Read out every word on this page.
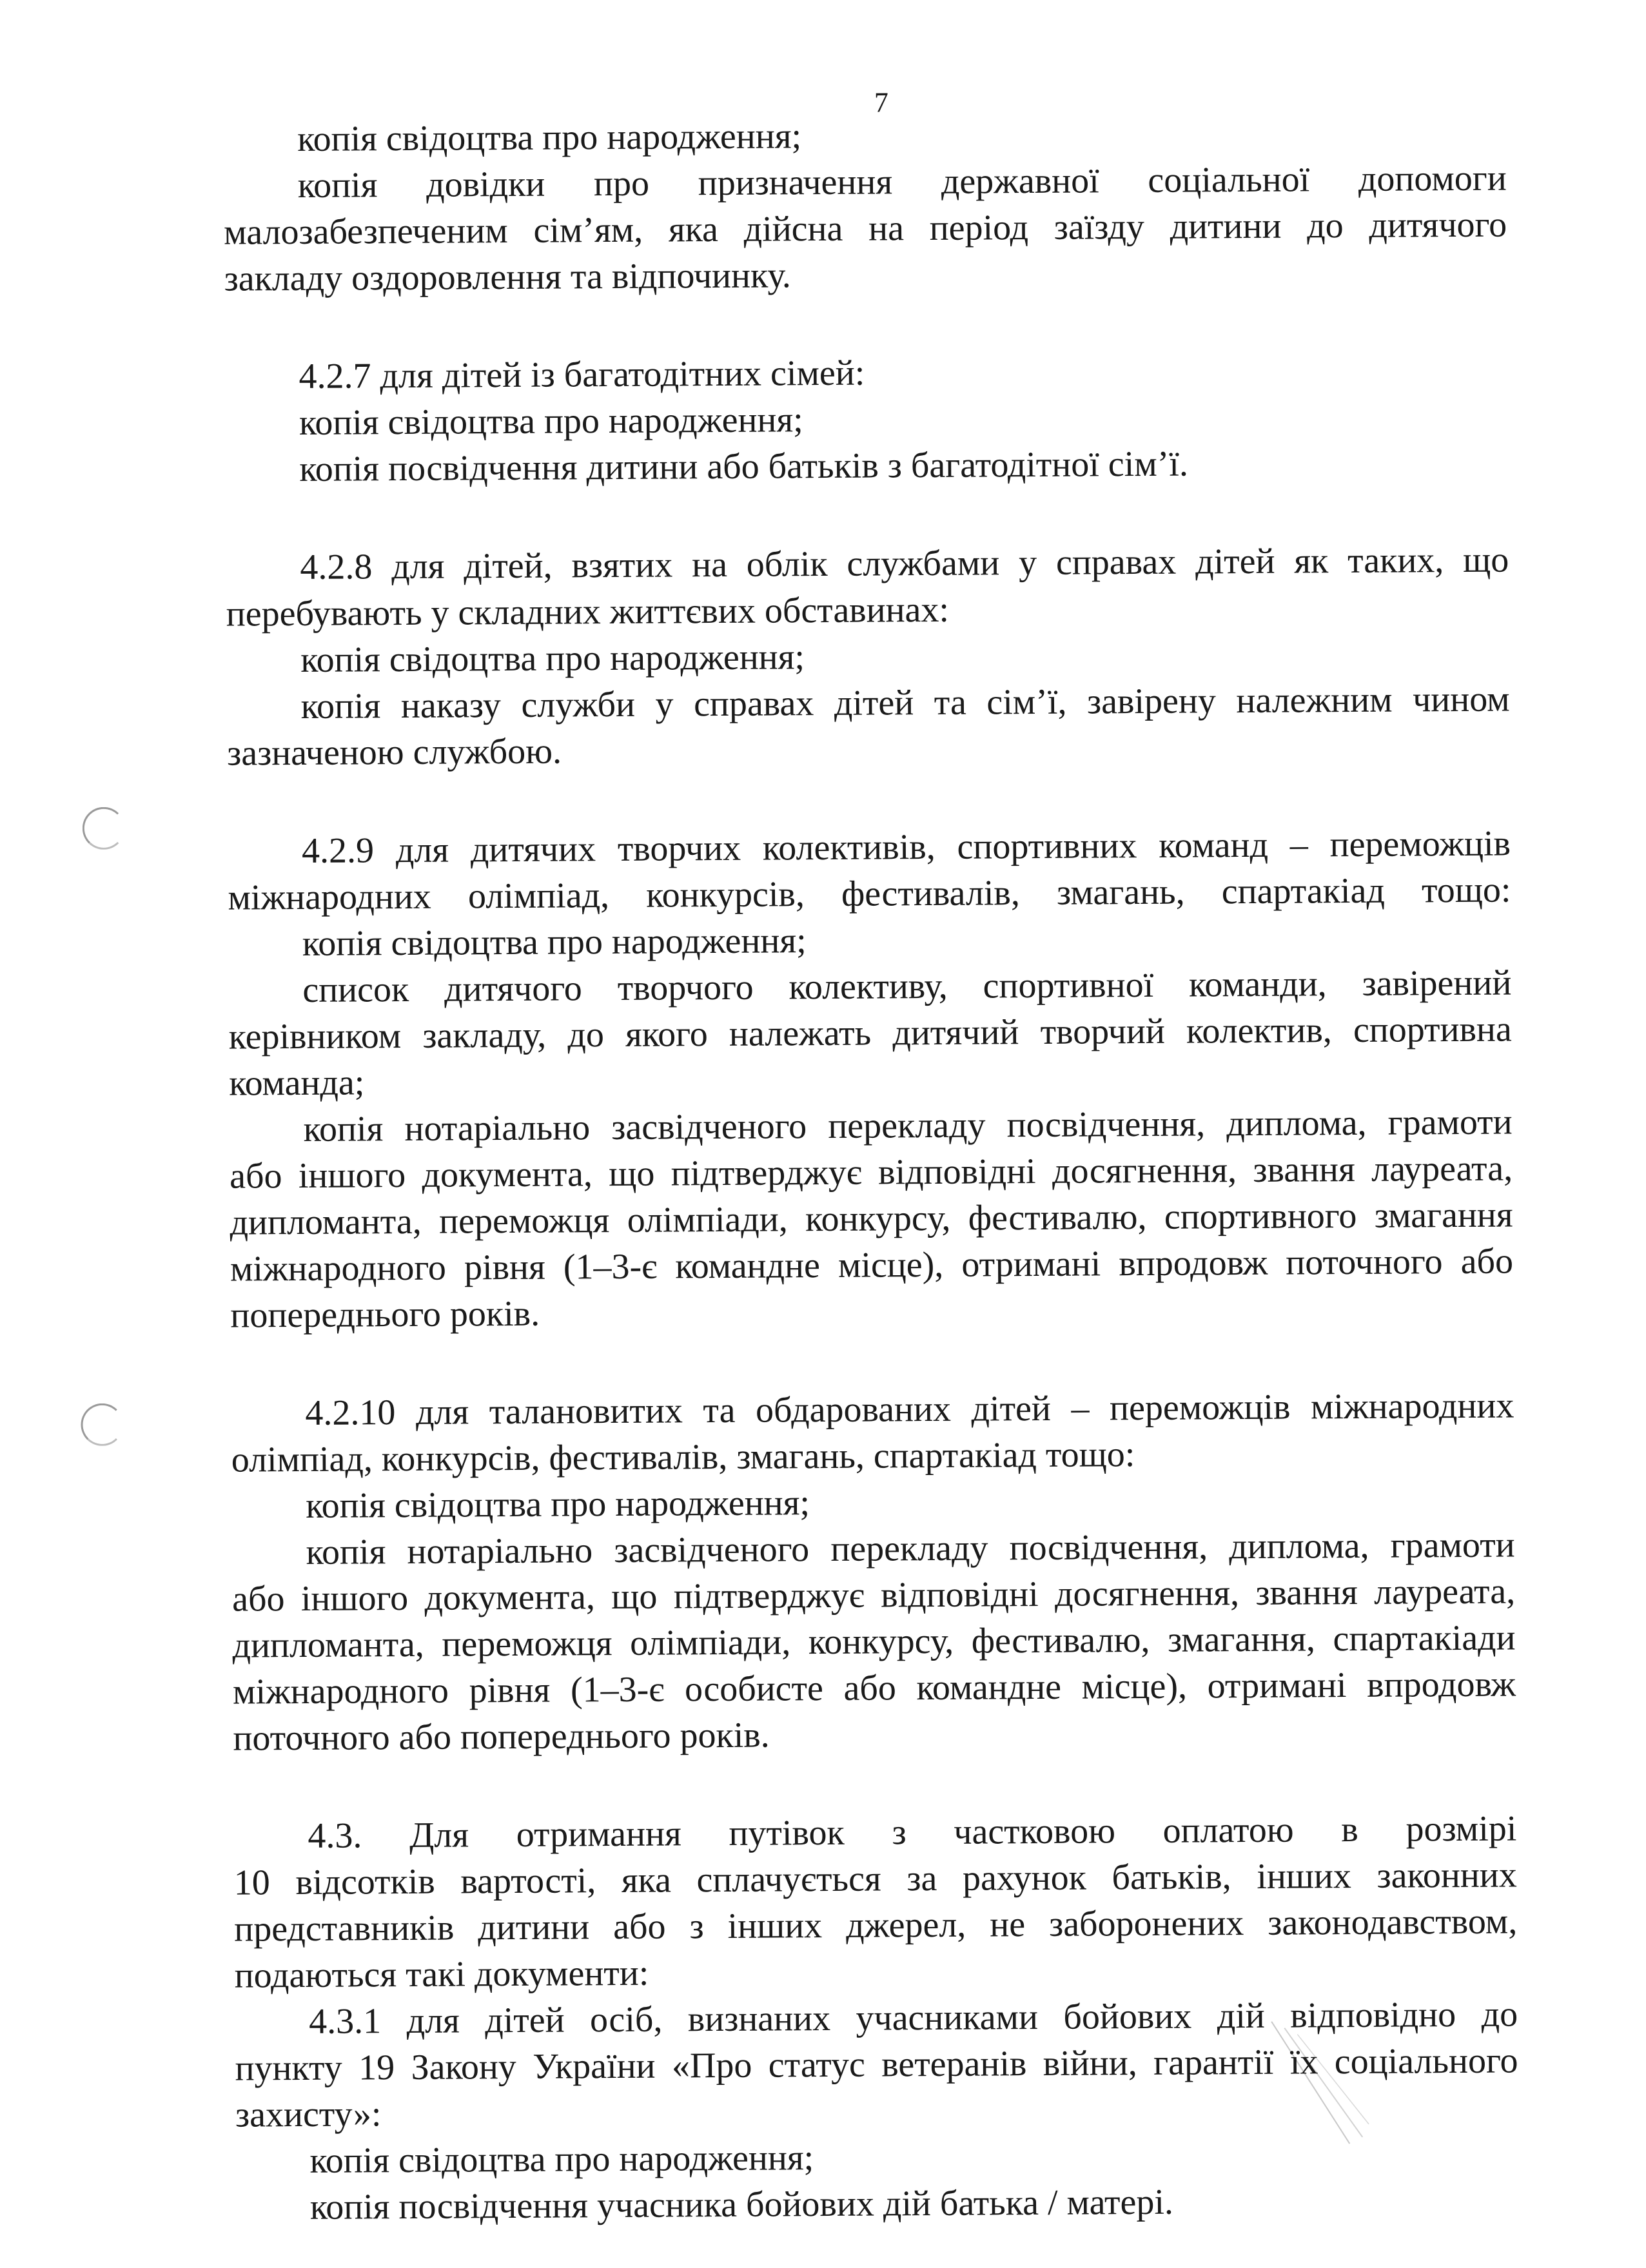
7
копія свідоцтва про народження;
копія довідки про призначення державної соціальної допомоги
малозабезпеченим сім’ям, яка дійсна на період заїзду дитини до дитячого
закладу оздоровлення та відпочинку.
4.2.7 для дітей із багатодітних сімей:
копія свідоцтва про народження;
копія посвідчення дитини або батьків з багатодітної сім’ї.
4.2.8 для дітей, взятих на облік службами у справах дітей як таких, що
перебувають у складних життєвих обставинах:
копія свідоцтва про народження;
копія наказу служби у справах дітей та сім’ї, завірену належним чином
зазначеною службою.
4.2.9 для дитячих творчих колективів, спортивних команд – переможців
міжнародних олімпіад, конкурсів, фестивалів, змагань, спартакіад тощо:
копія свідоцтва про народження;
список дитячого творчого колективу, спортивної команди, завірений
керівником закладу, до якого належать дитячий творчий колектив, спортивна
команда;
копія нотаріально засвідченого перекладу посвідчення, диплома, грамоти
або іншого документа, що підтверджує відповідні досягнення, звання лауреата,
дипломанта, переможця олімпіади, конкурсу, фестивалю, спортивного змагання
міжнародного рівня (1–3-є командне місце), отримані впродовж поточного або
попереднього років.
4.2.10 для талановитих та обдарованих дітей – переможців міжнародних
олімпіад, конкурсів, фестивалів, змагань, спартакіад тощо:
копія свідоцтва про народження;
копія нотаріально засвідченого перекладу посвідчення, диплома, грамоти
або іншого документа, що підтверджує відповідні досягнення, звання лауреата,
дипломанта, переможця олімпіади, конкурсу, фестивалю, змагання, спартакіади
міжнародного рівня (1–3-є особисте або командне місце), отримані впродовж
поточного або попереднього років.
4.3. Для отримання путівок з частковою оплатою в розмірі
10 відсотків вартості, яка сплачується за рахунок батьків, інших законних
представників дитини або з інших джерел, не заборонених законодавством,
подаються такі документи:
4.3.1 для дітей осіб, визнаних учасниками бойових дій відповідно до
пункту 19 Закону України «Про статус ветеранів війни, гарантії їх соціального
захисту»:
копія свідоцтва про народження;
копія посвідчення учасника бойових дій батька / матері.
